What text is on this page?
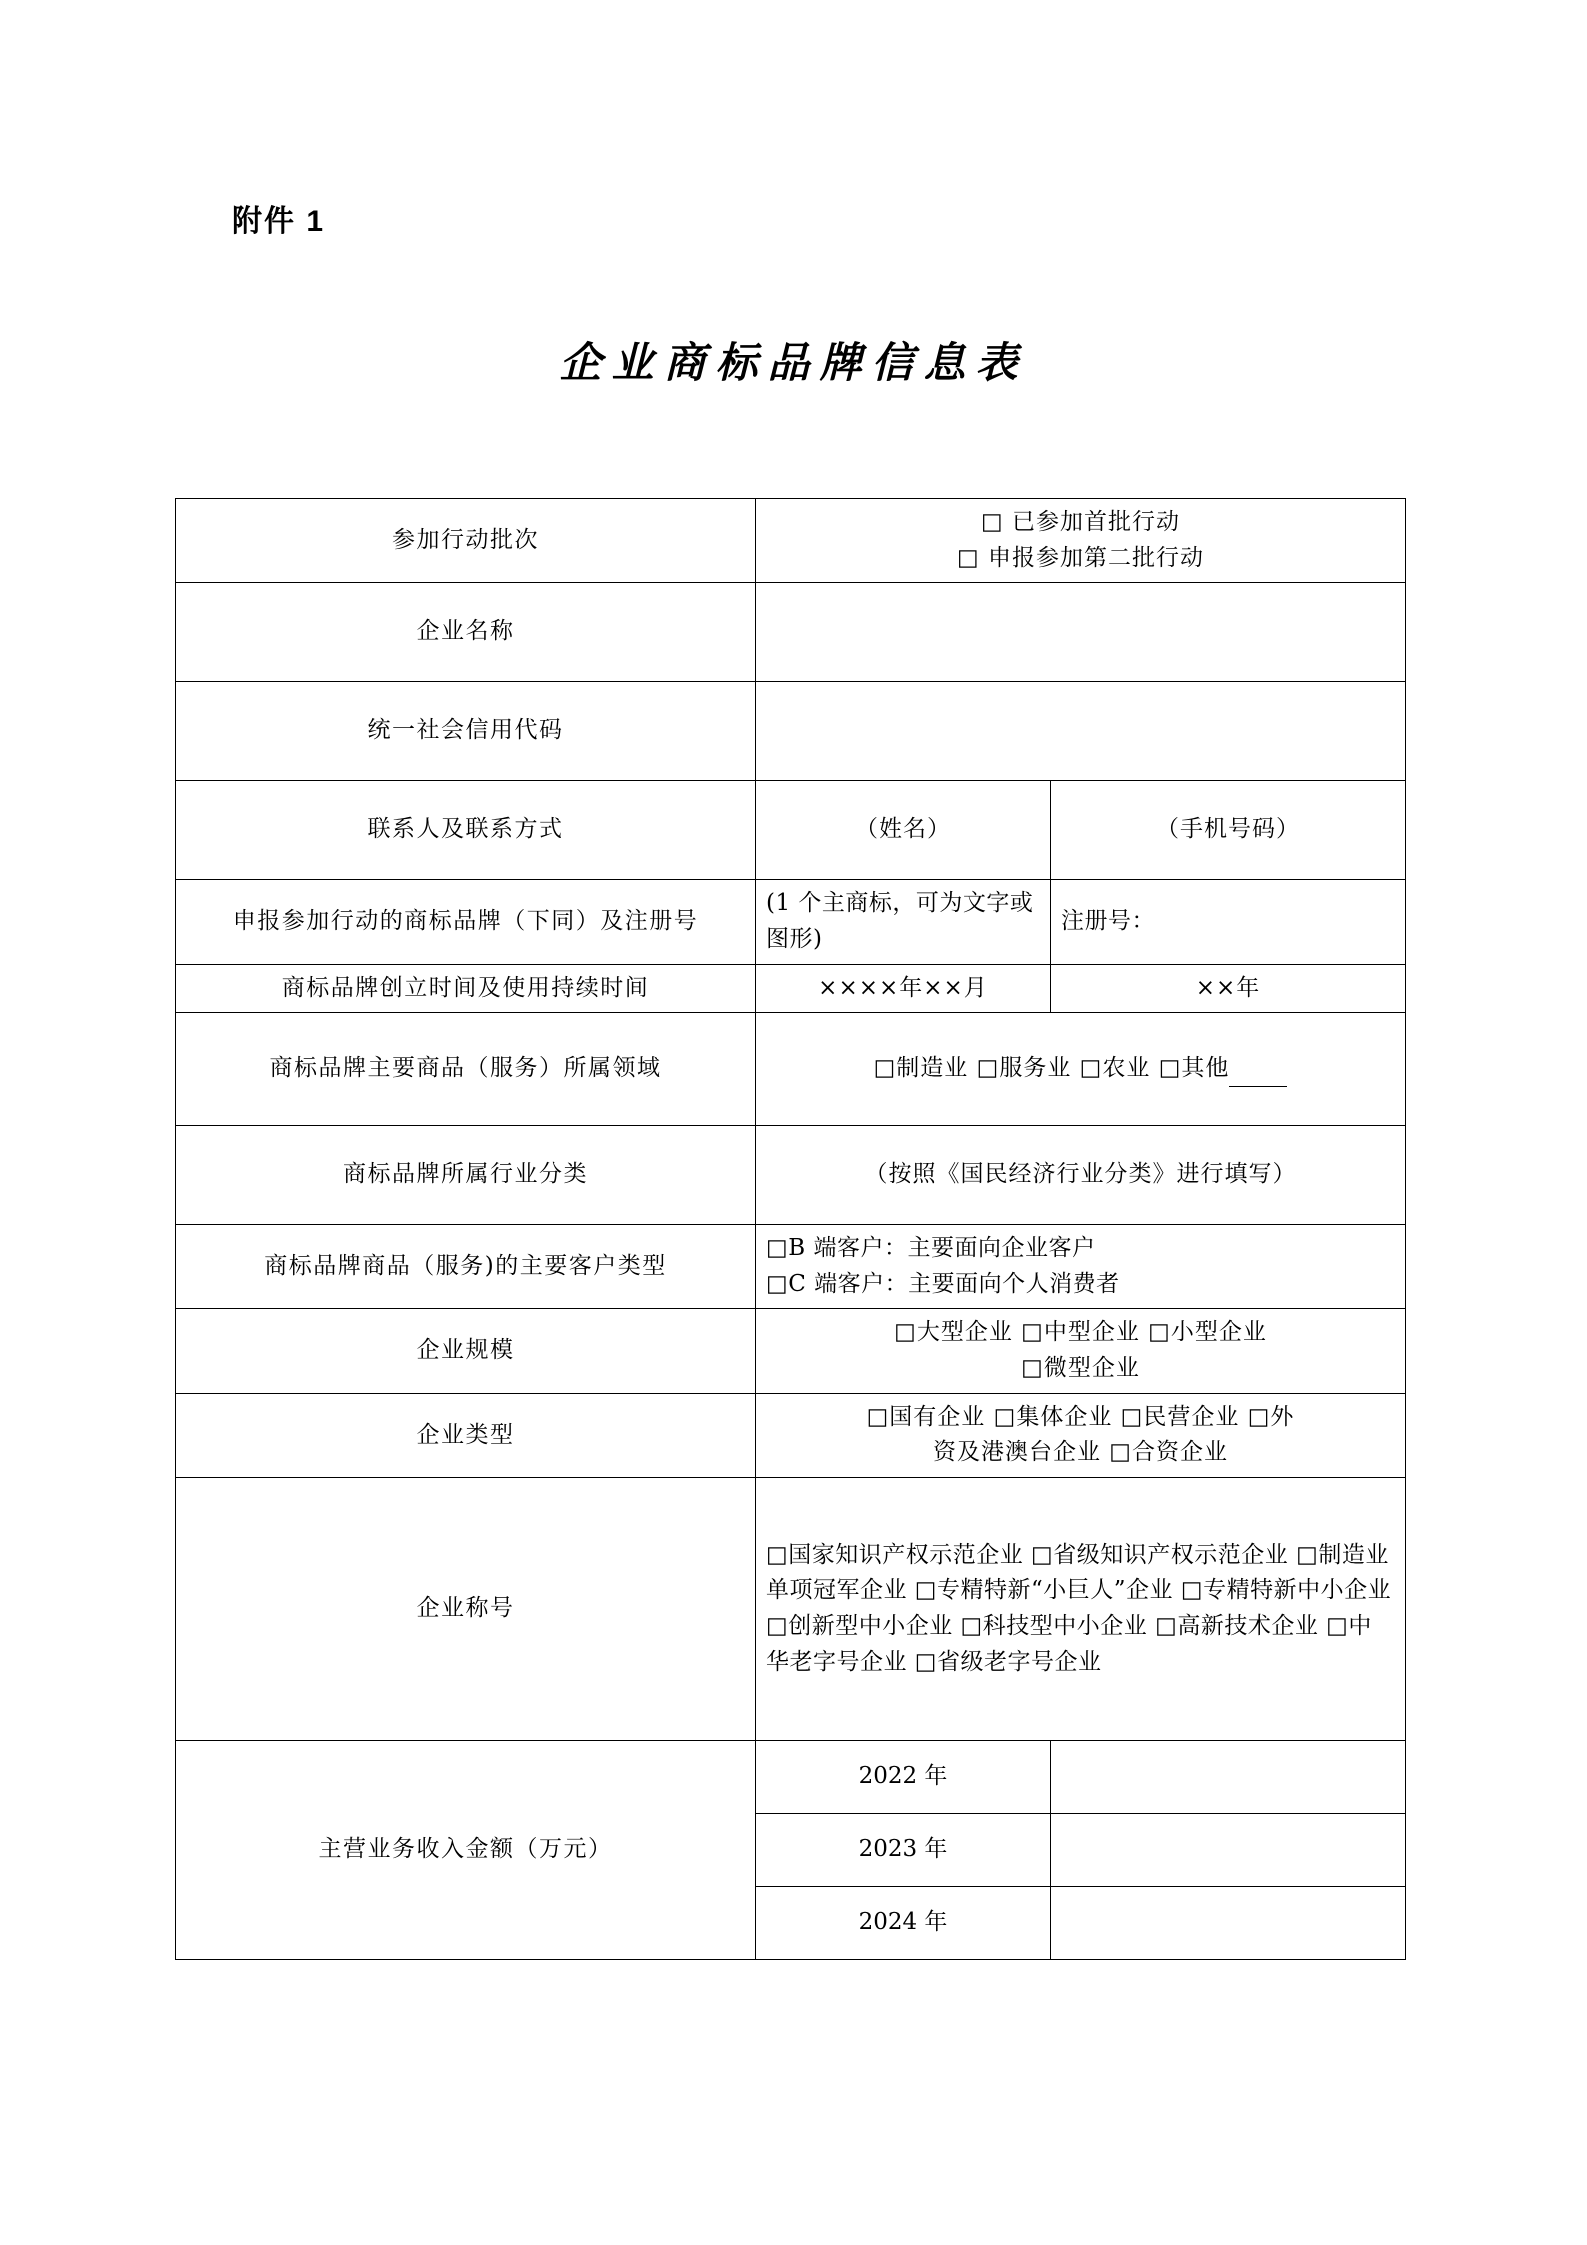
附件 1
企业商标品牌信息表
参加行动批次	□ 已参加首批行动
□ 申报参加第二批行动	

企业名称		
统一社会信用代码		
联系人及联系方式	（姓名）	（手机号码）
申报参加行动的商标品牌（下同）及注册号	(1 个主商标，可为文字或图形)	注册号：
商标品牌创立时间及使用持续时间	××××年××月	××年
商标品牌主要商品（服务）所属领域	□制造业 □服务业 □农业 □其他	
商标品牌所属行业分类	（按照《国民经济行业分类》进行填写）	
商标品牌商品（服务)的主要客户类型	□B 端客户：主要面向企业客户
□C 端客户：主要面向个人消费者	

企业规模	□大型企业 □中型企业 □小型企业
□微型企业	

企业类型	□国有企业 □集体企业 □民营企业 □外
资及港澳台企业 □合资企业	

企业称号	□国家知识产权示范企业 □省级知识产权示范企业 □制造业单项冠军企业 □专精特新“小巨人”企业 □专精特新中小企业 □创新型中小企业 □科技型中小企业 □高新技术企业 □中华老字号企业 □省级老字号企业	
主营业务收入金额（万元）	2022 年	
	2023 年	
	2024 年	
